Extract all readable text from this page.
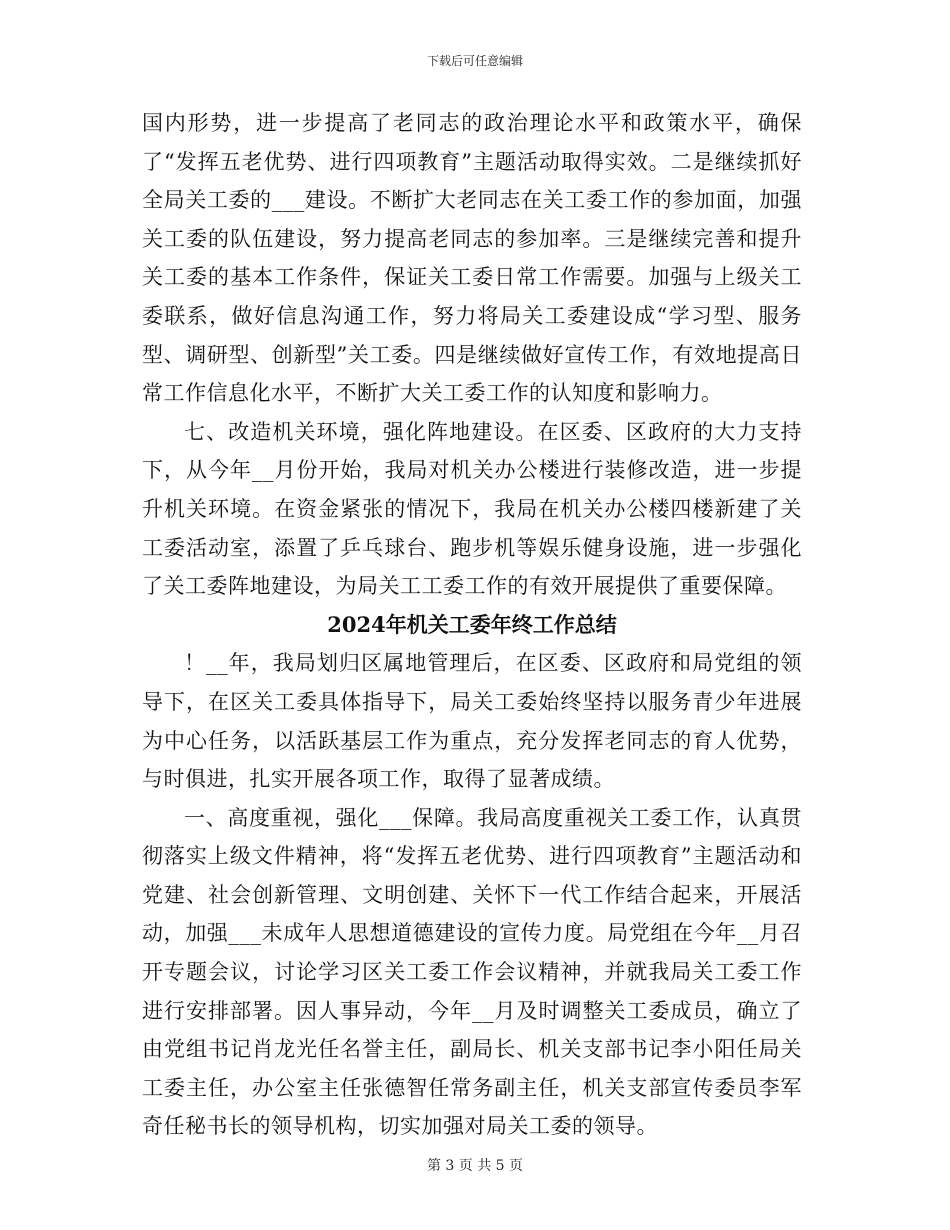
下载后可任意编辑

国内形势，进一步提高了老同志的政治理论水平和政策水平，确保了“发挥五老优势、进行四项教育”主题活动取得实效。二是继续抓好全局关工委的___建设。不断扩大老同志在关工委工作的参加面，加强关工委的队伍建设，努力提高老同志的参加率。三是继续完善和提升关工委的基本工作条件，保证关工委日常工作需要。加强与上级关工委联系，做好信息沟通工作，努力将局关工委建设成“学习型、服务型、调研型、创新型”关工委。四是继续做好宣传工作，有效地提高日常工作信息化水平，不断扩大关工委工作的认知度和影响力。

七、改造机关环境，强化阵地建设。在区委、区政府的大力支持下，从今年__月份开始，我局对机关办公楼进行装修改造，进一步提升机关环境。在资金紧张的情况下，我局在机关办公楼四楼新建了关工委活动室，添置了乒乓球台、跑步机等娱乐健身设施，进一步强化了关工委阵地建设，为局关工工委工作的有效开展提供了重要保障。

2024年机关工委年终工作总结

！__年，我局划归区属地管理后，在区委、区政府和局党组的领导下，在区关工委具体指导下，局关工委始终坚持以服务青少年进展为中心任务，以活跃基层工作为重点，充分发挥老同志的育人优势，与时俱进，扎实开展各项工作，取得了显著成绩。

一、高度重视，强化___保障。我局高度重视关工委工作，认真贯彻落实上级文件精神，将“发挥五老优势、进行四项教育”主题活动和党建、社会创新管理、文明创建、关怀下一代工作结合起来，开展活动，加强___未成年人思想道德建设的宣传力度。局党组在今年__月召开专题会议，讨论学习区关工委工作会议精神，并就我局关工委工作进行安排部署。因人事异动，今年__月及时调整关工委成员，确立了由党组书记肖龙光任名誉主任，副局长、机关支部书记李小阳任局关工委主任，办公室主任张德智任常务副主任，机关支部宣传委员李军奇任秘书长的领导机构，切实加强对局关工委的领导。

第 3 页 共 5 页
